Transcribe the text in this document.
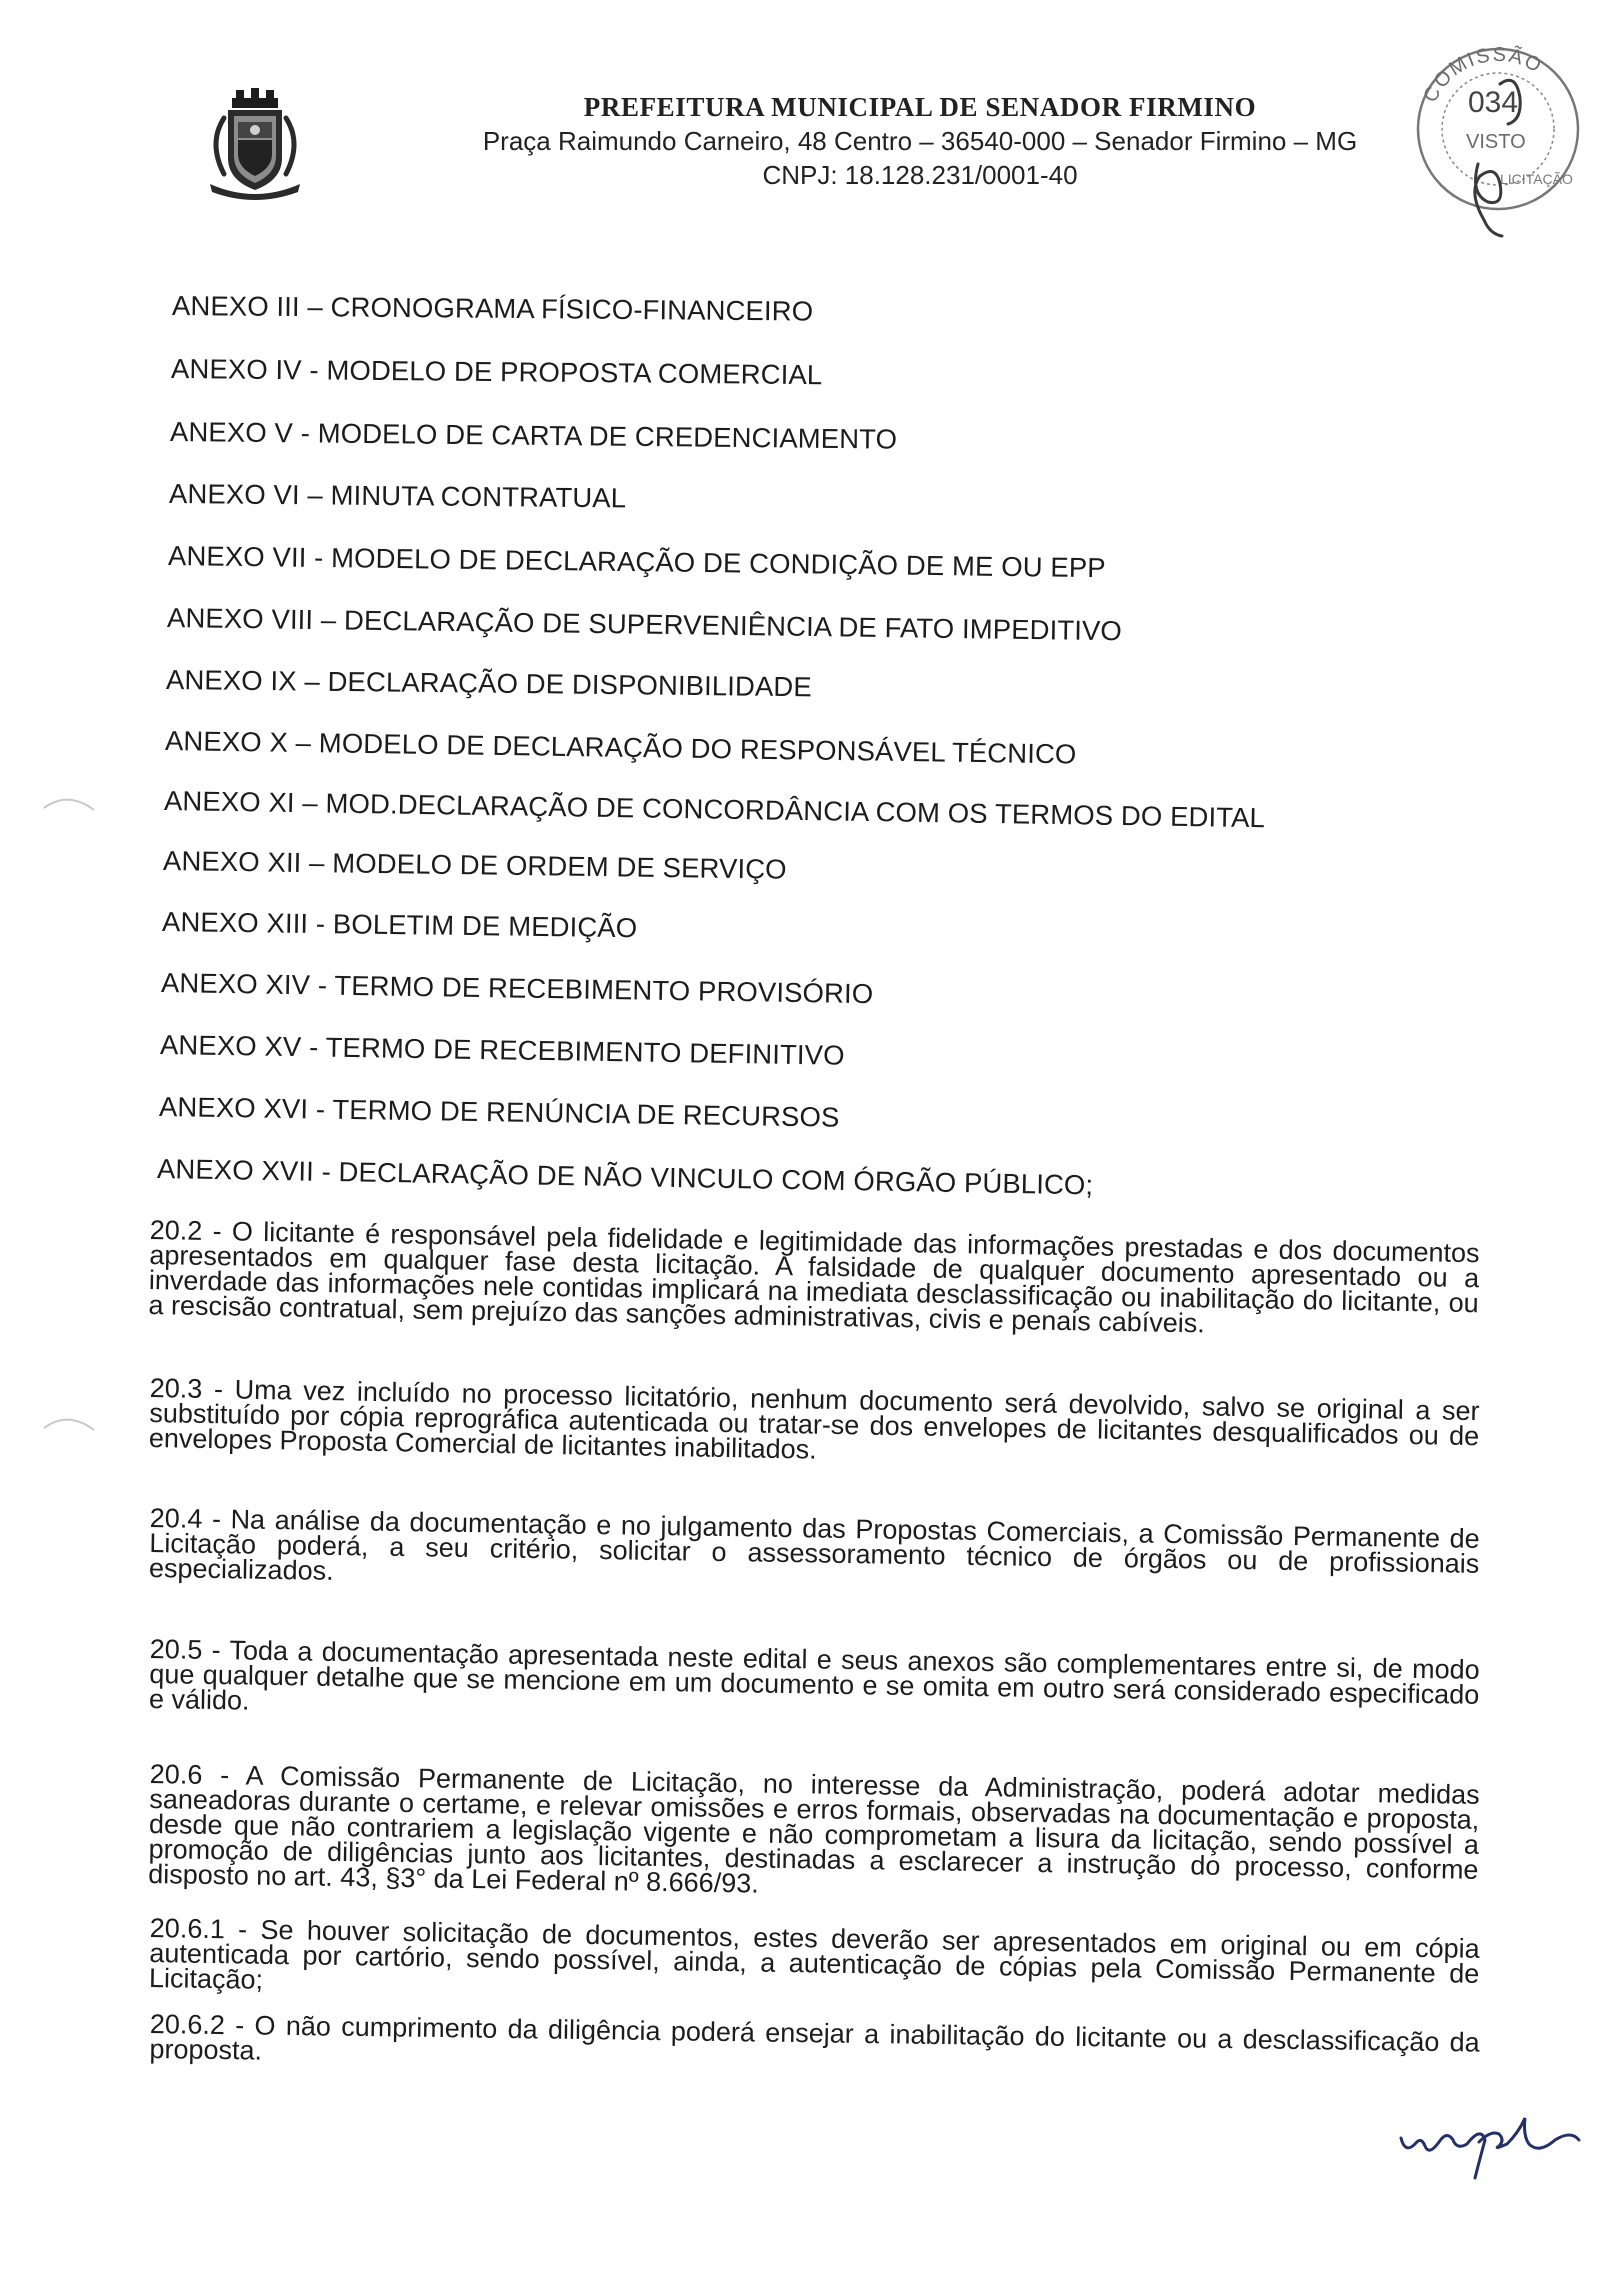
PREFEITURA MUNICIPAL DE SENADOR FIRMINO
Praça Raimundo Carneiro, 48 Centro – 36540-000 – Senador Firmino – MG
CNPJ: 18.128.231/0001-40
COMISSÃO
034
VISTO
LICITAÇÃO
ANEXO III – CRONOGRAMA FÍSICO-FINANCEIRO
ANEXO IV - MODELO DE PROPOSTA COMERCIAL
ANEXO V - MODELO DE CARTA DE CREDENCIAMENTO
ANEXO VI – MINUTA CONTRATUAL
ANEXO VII - MODELO DE DECLARAÇÃO DE CONDIÇÃO DE ME OU EPP
ANEXO VIII – DECLARAÇÃO DE SUPERVENIÊNCIA DE FATO IMPEDITIVO
ANEXO IX – DECLARAÇÃO DE DISPONIBILIDADE
ANEXO X – MODELO DE DECLARAÇÃO DO RESPONSÁVEL TÉCNICO
ANEXO XI – MOD.DECLARAÇÃO DE CONCORDÂNCIA COM OS TERMOS DO EDITAL
ANEXO XII – MODELO DE ORDEM DE SERVIÇO
ANEXO XIII - BOLETIM DE MEDIÇÃO
ANEXO XIV - TERMO DE RECEBIMENTO PROVISÓRIO
ANEXO XV - TERMO DE RECEBIMENTO DEFINITIVO
ANEXO XVI - TERMO DE RENÚNCIA DE RECURSOS
ANEXO XVII - DECLARAÇÃO DE NÃO VINCULO COM ÓRGÃO PÚBLICO;
20.2 - O licitante é responsável pela fidelidade e legitimidade das informações prestadas e dos documentos apresentados em qualquer fase desta licitação. A falsidade de qualquer documento apresentado ou a inverdade das informações nele contidas implicará na imediata desclassificação ou inabilitação do licitante, ou a rescisão contratual, sem prejuízo das sanções administrativas, civis e penais cabíveis.
20.3 - Uma vez incluído no processo licitatório, nenhum documento será devolvido, salvo se original a ser substituído por cópia reprográfica autenticada ou tratar-se dos envelopes de licitantes desqualificados ou de envelopes Proposta Comercial de licitantes inabilitados.
20.4 - Na análise da documentação e no julgamento das Propostas Comerciais, a Comissão Permanente de Licitação poderá, a seu critério, solicitar o assessoramento técnico de órgãos ou de profissionais especializados.
20.5 - Toda a documentação apresentada neste edital e seus anexos são complementares entre si, de modo que qualquer detalhe que se mencione em um documento e se omita em outro será considerado especificado e válido.
20.6 - A Comissão Permanente de Licitação, no interesse da Administração, poderá adotar medidas saneadoras durante o certame, e relevar omissões e erros formais, observadas na documentação e proposta, desde que não contrariem a legislação vigente e não comprometam a lisura da licitação, sendo possível a promoção de diligências junto aos licitantes, destinadas a esclarecer a instrução do processo, conforme disposto no art. 43, §3° da Lei Federal nº 8.666/93.
20.6.1 - Se houver solicitação de documentos, estes deverão ser apresentados em original ou em cópia autenticada por cartório, sendo possível, ainda, a autenticação de cópias pela Comissão Permanente de Licitação;
20.6.2 - O não cumprimento da diligência poderá ensejar a inabilitação do licitante ou a desclassificação da proposta.
